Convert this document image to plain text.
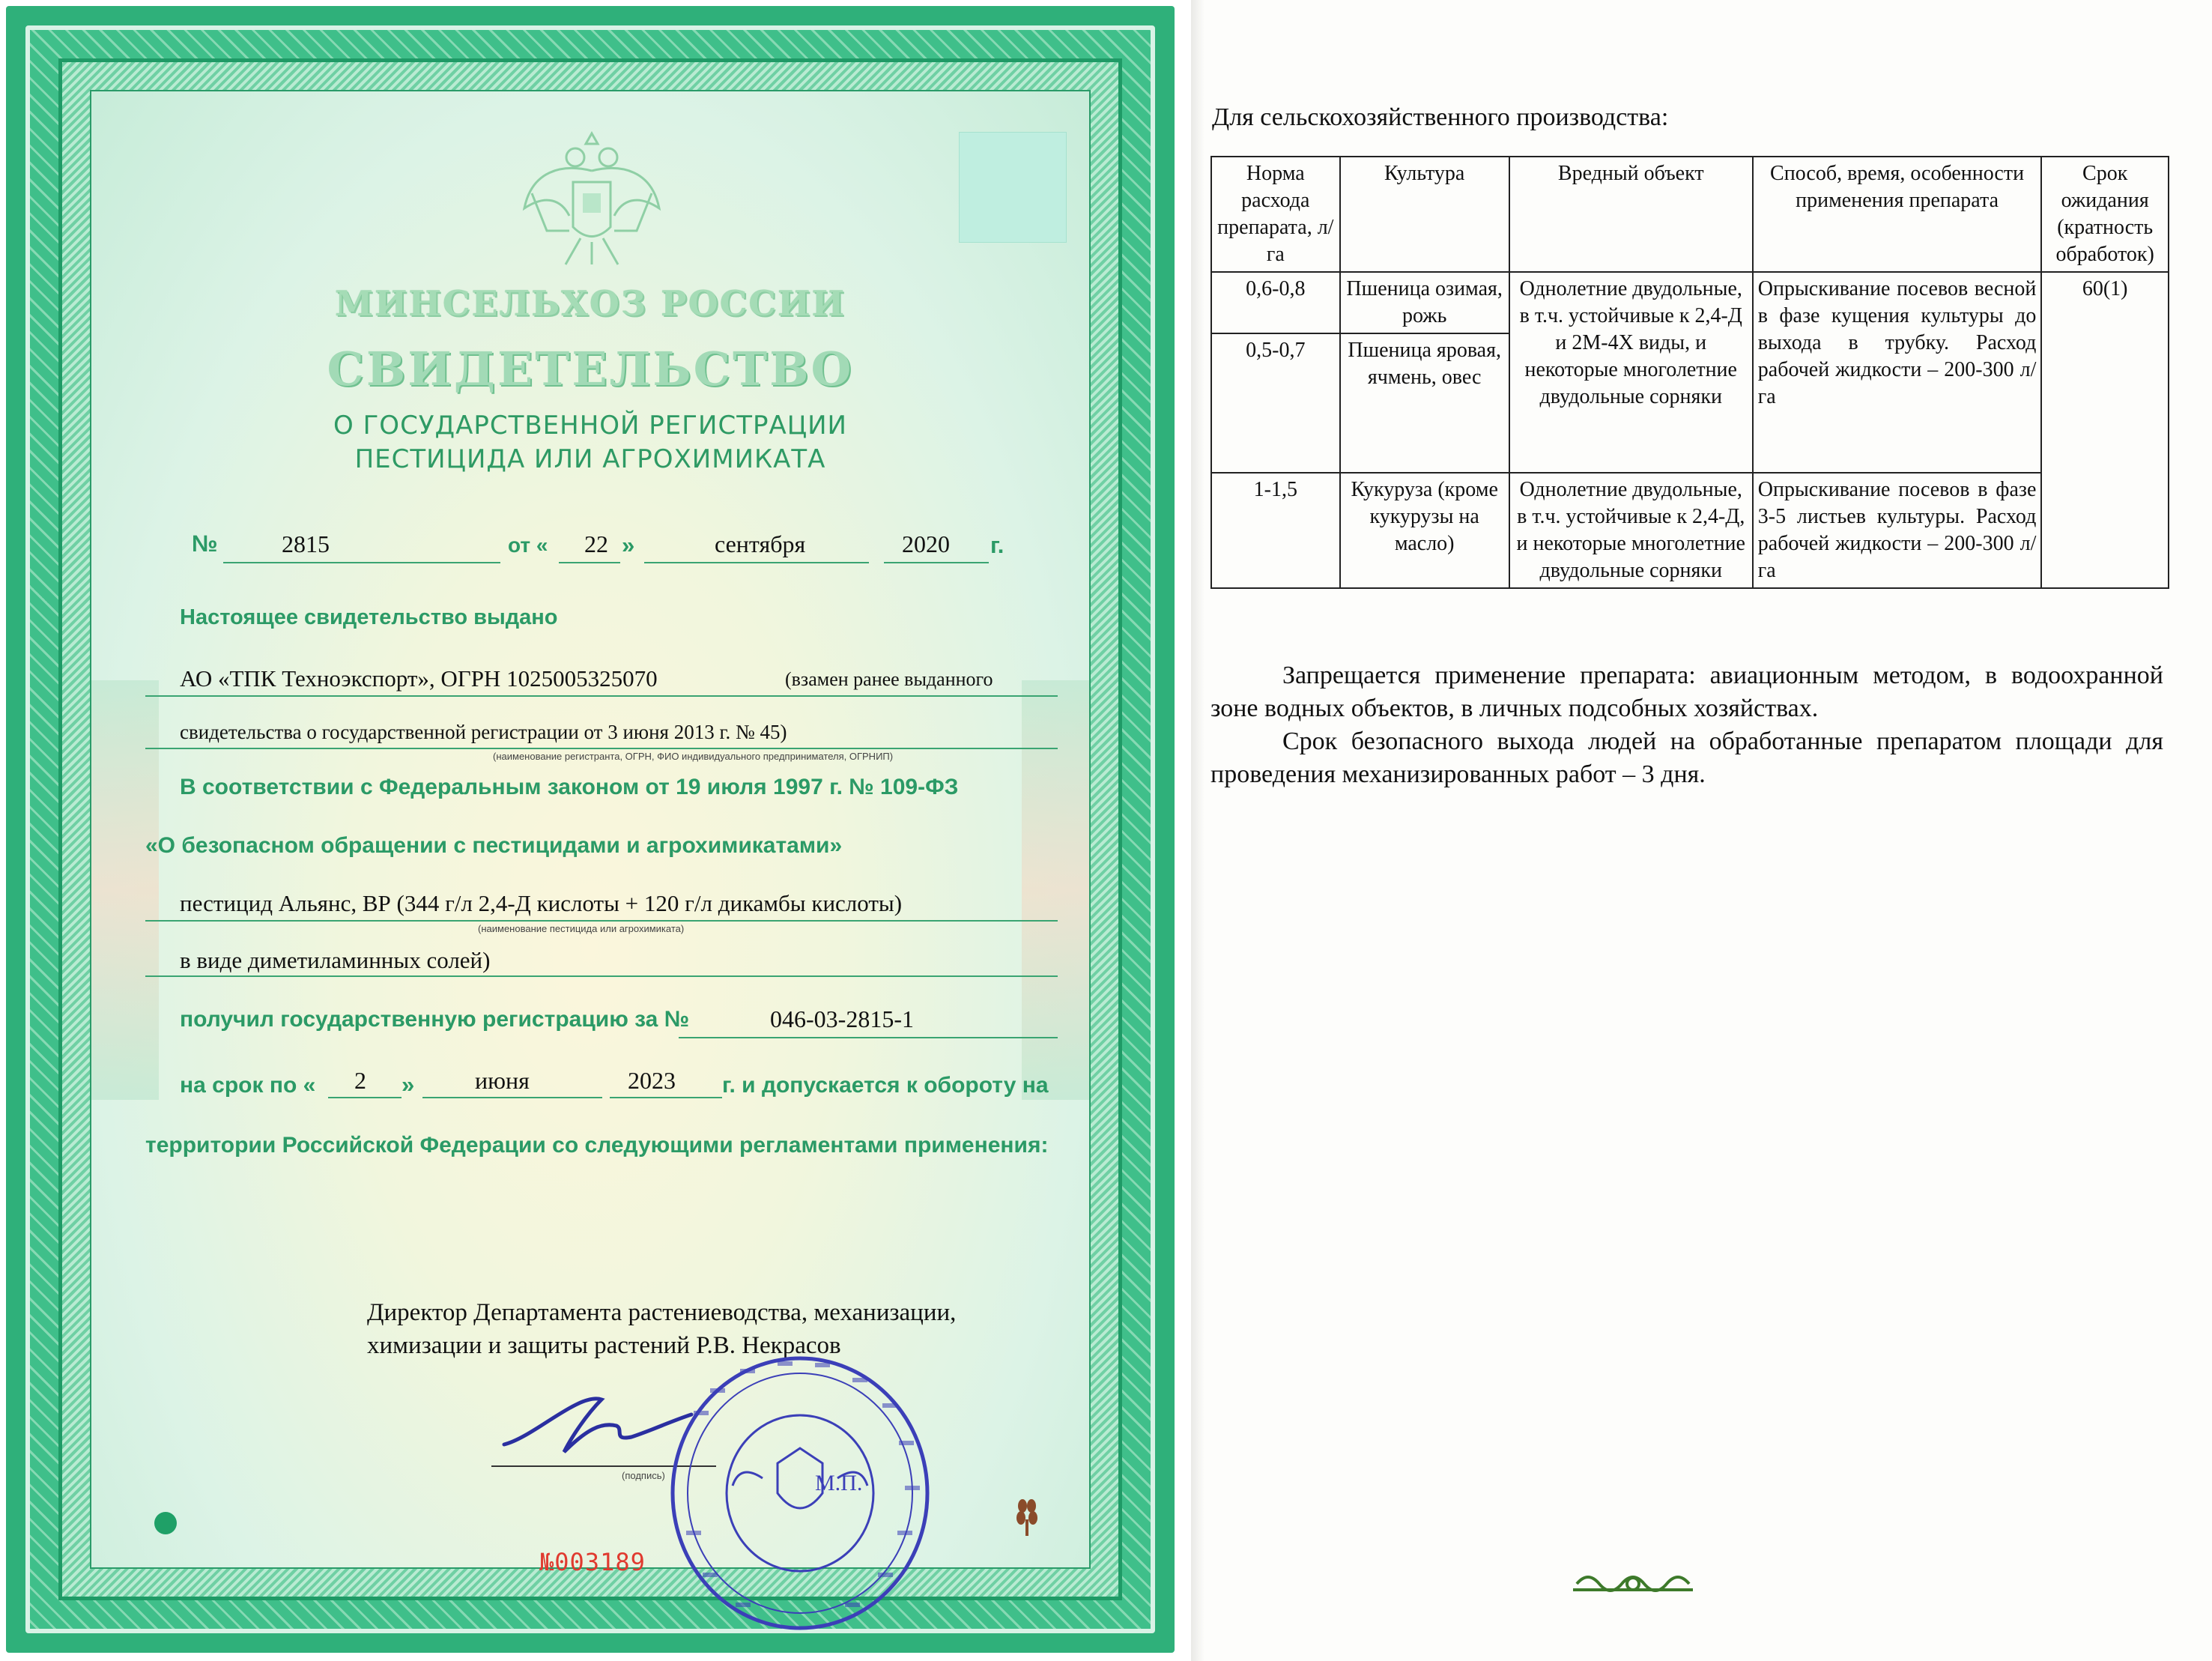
МИНСЕЛЬХОЗ РОССИИ
СВИДЕТЕЛЬСТВО
О ГОСУДАРСТВЕННОЙ РЕГИСТРАЦИИ
ПЕСТИЦИДА ИЛИ АГРОХИМИКАТА
№	2815	от « 22 »	сентября	2020 г.
Настоящее свидетельство выдано
АО «ТПК Техноэкспорт», ОГРН 1025005325070	(взамен ранее выданного
свидетельства о государственной регистрации от 3 июня 2013 г. № 45)
(наименование регистранта, ОГРН, ФИО индивидуального предпринимателя, ОГРНИП)
В соответствии с Федеральным законом от 19 июля 1997 г. № 109-ФЗ
«О безопасном обращении с пестицидами и агрохимикатами»
пестицид Альянс, ВР (344 г/л 2,4-Д кислоты + 120 г/л дикамбы кислоты)
(наименование пестицида или агрохимиката)
в виде диметиламинных солей)
получил государственную регистрацию за №	046-03-2815-1
на срок по « 2 »	июня	2023 г. и допускается к обороту на
территории Российской Федерации со следующими регламентами применения:
Директор Департамента растениеводства, механизации,
химизации и защиты растений Р.В. Некрасов
(подпись)	М.П.
№003189
Для сельскохозяйственного производства:
Норма расхода препарата, л/га	Культура	Вредный объект	Способ, время, особенности применения препарата	Срок ожидания (кратность обработок)
0,6-0,8	Пшеница озимая, рожь	Однолетние двудольные, в т.ч. устойчивые к 2,4-Д и 2М-4Х виды, и некоторые многолетние двудольные сорняки	Опрыскивание посевов весной в фазе кущения культуры до выхода в трубку. Расход рабочей жидкости – 200-300 л/га	60(1)
0,5-0,7	Пшеница яровая, ячмень, овес			
1-1,5	Кукуруза (кроме кукурузы на масло)	Однолетние двудольные, в т.ч. устойчивые к 2,4-Д, и некоторые многолетние двудольные сорняки	Опрыскивание посевов в фазе 3-5 листьев культуры. Расход рабочей жидкости – 200-300 л/га	
Запрещается применение препарата: авиационным методом, в водоохранной зоне водных объектов, в личных подсобных хозяйствах.
Срок безопасного выхода людей на обработанные препаратом площади для проведения механизированных работ – 3 дня.
